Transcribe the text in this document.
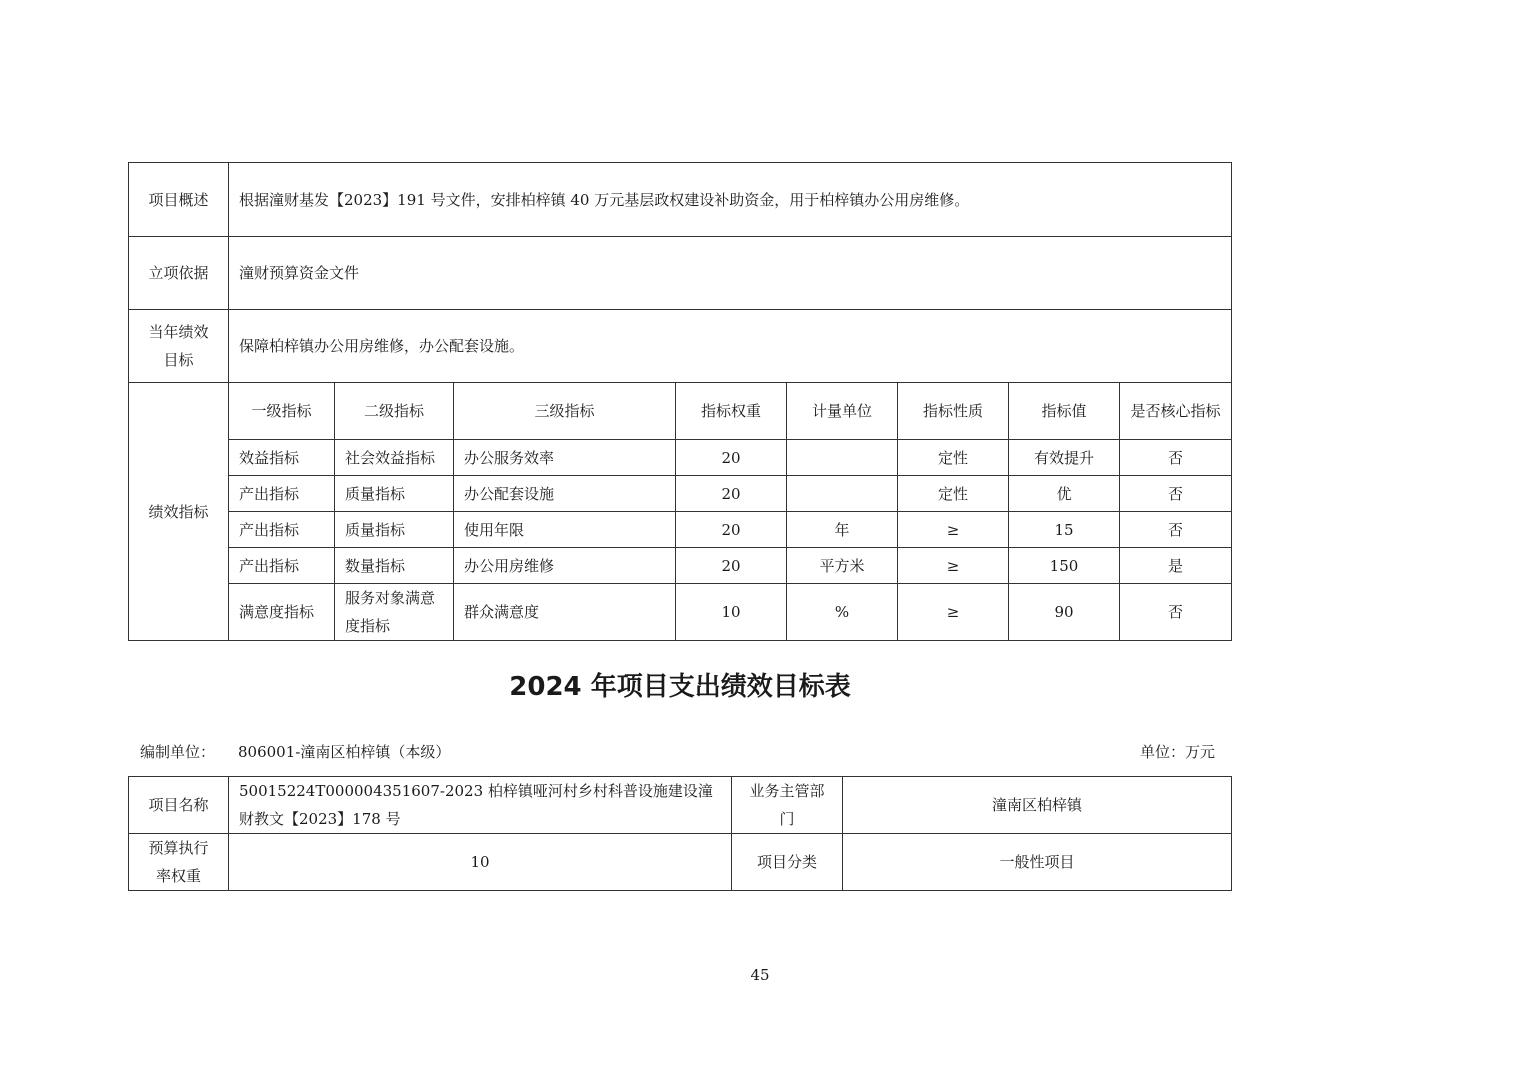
项目概述	根据潼财基发【2023】191 号文件，安排柏梓镇 40 万元基层政权建设补助资金，用于柏梓镇办公用房维修。							
立项依据	潼财预算资金文件							
当年绩效目标	保障柏梓镇办公用房维修，办公配套设施。							
绩效指标	一级指标	二级指标	三级指标	指标权重	计量单位	指标性质	指标值	是否核心指标
	效益指标	社会效益指标	办公服务效率	20		定性	有效提升	否
	产出指标	质量指标	办公配套设施	20		定性	优	否
	产出指标	质量指标	使用年限	20	年	≥	15	否
	产出指标	数量指标	办公用房维修	20	平方米	≥	150	是
	满意度指标	服务对象满意度指标	群众满意度	10	%	≥	90	否
2024 年项目支出绩效目标表
编制单位： 806001-潼南区柏梓镇（本级）	单位：万元
项目名称	50015224T000004351607-2023 柏梓镇哑河村乡村科普设施建设潼财教文【2023】178 号	业务主管部门	潼南区柏梓镇
预算执行率权重	10	项目分类	一般性项目
45
